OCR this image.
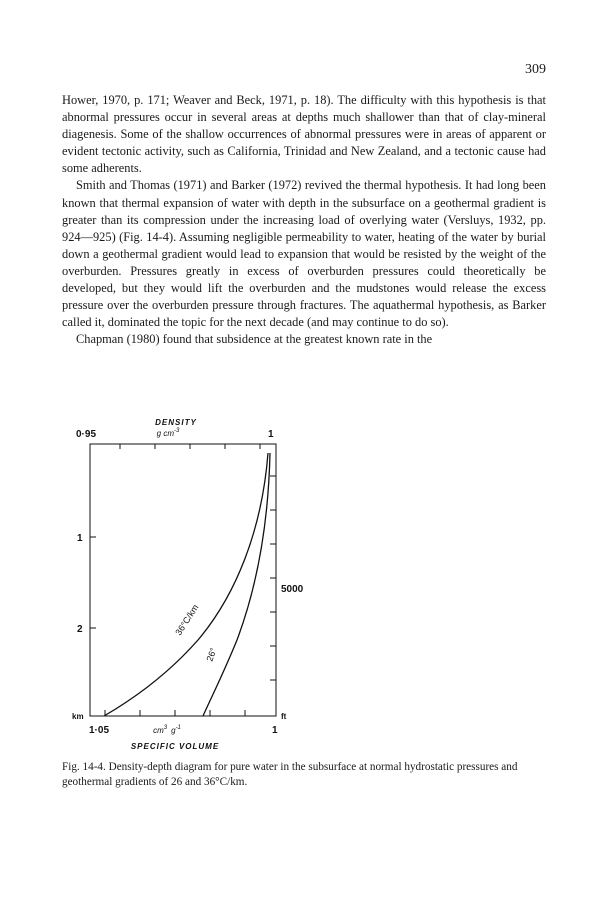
309

Hower, 1970, p. 171; Weaver and Beck, 1971, p. 18). The difficulty with this hypothesis is that abnormal pressures occur in several areas at depths much shallower than that of clay-mineral diagenesis. Some of the shallow occurrences of abnormal pressures were in areas of apparent or evident tectonic activity, such as California, Trinidad and New Zealand, and a tectonic cause had some adherents.

Smith and Thomas (1971) and Barker (1972) revived the thermal hypothesis. It had long been known that thermal expansion of water with depth in the subsurface on a geothermal gradient is greater than its compression under the increasing load of overlying water (Versluys, 1932, pp. 924—925) (Fig. 14-4). Assuming negligible permeability to water, heating of the water by burial down a geothermal gradient would lead to expansion that would be resisted by the weight of the overburden. Pressures greatly in excess of overburden pressures could theoretically be developed, but they would lift the overburden and the mudstones would release the excess pressure over the overburden pressure through fractures. The aquathermal hypothesis, as Barker called it, dominated the topic for the next decade (and may continue to do so).

Chapman (1980) found that subsidence at the greatest known rate in the

DENSITY
g $cm^{-3}$
0·95	1
1
2
km
5000
ft
36°C/km
26°
1·05	$cm^3$ $g^{-1}$	1
SPECIFIC VOLUME
Fig. 14-4. Density-depth diagram for pure water in the subsurface at normal hydrostatic pressures and geothermal gradients of 26 and 36°C/km.
